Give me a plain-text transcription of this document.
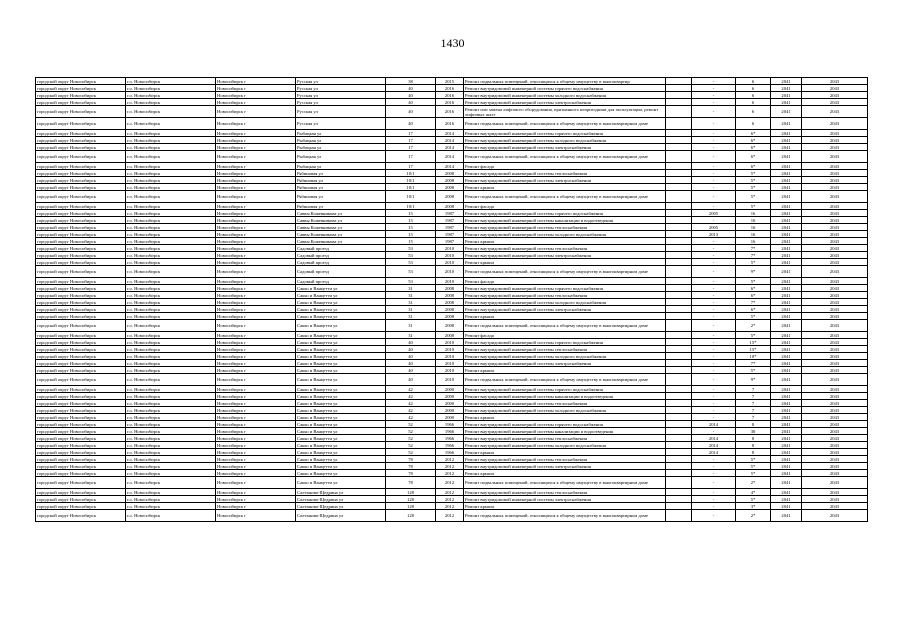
1430
городской округ Новосибирск	г.о. Новосибирск	Новосибирск г	Русская ул	38	2015	Ремонт подвальных помещений, относящихся к общему имуществу в многоквартир		-	6	2041	2043
городской округ Новосибирск	г.о. Новосибирск	Новосибирск г	Русская ул	40	2016	Ремонт внутридомовой инженерной системы горячего водоснабжения		-	6	2041	2043
городской округ Новосибирск	г.о. Новосибирск	Новосибирск г	Русская ул	40	2016	Ремонт внутридомовой инженерной системы холодного водоснабжения		-	6	2041	2043
городской округ Новосибирск	г.о. Новосибирск	Новосибирск г	Русская ул	40	2016	Ремонт внутридомовой инженерной системы электроснабжения		-	6	2041	2043
городской округ Новосибирск	г.о. Новосибирск	Новосибирск г	Русская ул	40	2016	Ремонт или замена лифтового оборудования, признанного непригодным для эксплуатации, ремонт лифтовых шахт		-	6	2041	2043
городской округ Новосибирск	г.о. Новосибирск	Новосибирск г	Русская ул	40	2016	Ремонт подвальных помещений, относящихся к общему имуществу в многоквартирном доме		-	6	2041	2043
городской округ Новосибирск	г.о. Новосибирск	Новосибирск г	Рыбацкая ул	17	2014	Ремонт внутридомовой инженерной системы горячего водоснабжения		-	6*	2041	2043
городской округ Новосибирск	г.о. Новосибирск	Новосибирск г	Рыбацкая ул	17	2014	Ремонт внутридомовой инженерной системы холодного водоснабжения		-	6*	2041	2043
городской округ Новосибирск	г.о. Новосибирск	Новосибирск г	Рыбацкая ул	17	2014	Ремонт внутридомовой инженерной системы электроснабжения		-	6*	2041	2043
городской округ Новосибирск	г.о. Новосибирск	Новосибирск г	Рыбацкая ул	17	2014	Ремонт подвальных помещений, относящихся к общему имуществу в многоквартирном доме		-	6*	2041	2043
городской округ Новосибирск	г.о. Новосибирск	Новосибирск г	Рыбацкая ул	17	2014	Ремонт фасада		-	6*	2041	2043
городской округ Новосибирск	г.о. Новосибирск	Новосибирск г	Рябиновая ул	10/1	2008	Ремонт внутридомовой инженерной системы теплоснабжения		-	5*	2041	2043
городской округ Новосибирск	г.о. Новосибирск	Новосибирск г	Рябиновая ул	10/1	2008	Ремонт внутридомовой инженерной системы электроснабжения		-	5*	2041	2043
городской округ Новосибирск	г.о. Новосибирск	Новосибирск г	Рябиновая ул	10/1	2008	Ремонт крыши		-	5*	2041	2043
городской округ Новосибирск	г.о. Новосибирск	Новосибирск г	Рябиновая ул	10/1	2008	Ремонт подвальных помещений, относящихся к общему имуществу в многоквартирном доме		-	5*	2041	2043
городской округ Новосибирск	г.о. Новосибирск	Новосибирск г	Рябиновая ул	10/1	2008	Ремонт фасада		-	5*	2041	2043
городской округ Новосибирск	г.о. Новосибирск	Новосибирск г	Саввы Кожевникова ул	15	1987	Ремонт внутридомовой инженерной системы горячего водоснабжения		2005	16	2041	2043
городской округ Новосибирск	г.о. Новосибирск	Новосибирск г	Саввы Кожевникова ул	15	1987	Ремонт внутридомовой инженерной системы канализации и водоотведения		-	16	2041	2043
городской округ Новосибирск	г.о. Новосибирск	Новосибирск г	Саввы Кожевникова ул	15	1987	Ремонт внутридомовой инженерной системы теплоснабжения		2005	16	2041	2043
городской округ Новосибирск	г.о. Новосибирск	Новосибирск г	Саввы Кожевникова ул	15	1987	Ремонт внутридомовой инженерной системы холодного водоснабжения		2013	16	2041	2043
городской округ Новосибирск	г.о. Новосибирск	Новосибирск г	Саввы Кожевникова ул	15	1987	Ремонт крыши		-	16	2041	2043
городской округ Новосибирск	г.о. Новосибирск	Новосибирск г	Садовый проезд	53	2010	Ремонт внутридомовой инженерной системы теплоснабжения		-	7*	2041	2043
городской округ Новосибирск	г.о. Новосибирск	Новосибирск г	Садовый проезд	53	2010	Ремонт внутридомовой инженерной системы электроснабжения		-	7*	2041	2043
городской округ Новосибирск	г.о. Новосибирск	Новосибирск г	Садовый проезд	53	2010	Ремонт крыши		-	5*	2041	2043
городской округ Новосибирск	г.о. Новосибирск	Новосибирск г	Садовый проезд	53	2010	Ремонт подвальных помещений, относящихся к общему имуществу в многоквартирном доме		-	9*	2041	2043
городской округ Новосибирск	г.о. Новосибирск	Новосибирск г	Садовый проезд	53	2010	Ремонт фасада		-	5*	2041	2043
городской округ Новосибирск	г.о. Новосибирск	Новосибирск г	Сакко и Ванцетти ул	31	2008	Ремонт внутридомовой инженерной системы горячего водоснабжения		-	6*	2041	2043
городской округ Новосибирск	г.о. Новосибирск	Новосибирск г	Сакко и Ванцетти ул	31	2008	Ремонт внутридомовой инженерной системы теплоснабжения		-	6*	2041	2043
городской округ Новосибирск	г.о. Новосибирск	Новосибирск г	Сакко и Ванцетти ул	31	2008	Ремонт внутридомовой инженерной системы холодного водоснабжения		-	7*	2041	2043
городской округ Новосибирск	г.о. Новосибирск	Новосибирск г	Сакко и Ванцетти ул	31	2008	Ремонт внутридомовой инженерной системы электроснабжения		-	6*	2041	2043
городской округ Новосибирск	г.о. Новосибирск	Новосибирск г	Сакко и Ванцетти ул	31	2008	Ремонт крыши		-	5*	2041	2043
городской округ Новосибирск	г.о. Новосибирск	Новосибирск г	Сакко и Ванцетти ул	31	2008	Ремонт подвальных помещений, относящихся к общему имуществу в многоквартирном доме		-	2*	2041	2043
городской округ Новосибирск	г.о. Новосибирск	Новосибирск г	Сакко и Ванцетти ул	31	2008	Ремонт фасада		-	5*	2041	2043
городской округ Новосибирск	г.о. Новосибирск	Новосибирск г	Сакко и Ванцетти ул	40	2010	Ремонт внутридомовой инженерной системы горячего водоснабжения		-	15*	2041	2043
городской округ Новосибирск	г.о. Новосибирск	Новосибирск г	Сакко и Ванцетти ул	40	2010	Ремонт внутридомовой инженерной системы теплоснабжения		-	15*	2041	2043
городской округ Новосибирск	г.о. Новосибирск	Новосибирск г	Сакко и Ванцетти ул	40	2010	Ремонт внутридомовой инженерной системы холодного водоснабжения		-	10*	2041	2043
городской округ Новосибирск	г.о. Новосибирск	Новосибирск г	Сакко и Ванцетти ул	40	2010	Ремонт внутридомовой инженерной системы электроснабжения		-	7*	2041	2043
городской округ Новосибирск	г.о. Новосибирск	Новосибирск г	Сакко и Ванцетти ул	40	2010	Ремонт крыши		-	5*	2041	2043
городской округ Новосибирск	г.о. Новосибирск	Новосибирск г	Сакко и Ванцетти ул	40	2010	Ремонт подвальных помещений, относящихся к общему имуществу в многоквартирном доме		-	9*	2041	2043
городской округ Новосибирск	г.о. Новосибирск	Новосибирск г	Сакко и Ванцетти ул	42	2000	Ремонт внутридомовой инженерной системы горячего водоснабжения		-	7	2041	2043
городской округ Новосибирск	г.о. Новосибирск	Новосибирск г	Сакко и Ванцетти ул	42	2000	Ремонт внутридомовой инженерной системы канализации и водоотведения		-	7	2041	2043
городской округ Новосибирск	г.о. Новосибирск	Новосибирск г	Сакко и Ванцетти ул	42	2000	Ремонт внутридомовой инженерной системы теплоснабжения		-	7	2041	2043
городской округ Новосибирск	г.о. Новосибирск	Новосибирск г	Сакко и Ванцетти ул	42	2000	Ремонт внутридомовой инженерной системы холодного водоснабжения		-	7	2041	2043
городской округ Новосибирск	г.о. Новосибирск	Новосибирск г	Сакко и Ванцетти ул	42	2000	Ремонт крыши		-	7	2041	2043
городской округ Новосибирск	г.о. Новосибирск	Новосибирск г	Сакко и Ванцетти ул	52	1966	Ремонт внутридомовой инженерной системы горячего водоснабжения		2014	8	2041	2043
городской округ Новосибирск	г.о. Новосибирск	Новосибирск г	Сакко и Ванцетти ул	52	1966	Ремонт внутридомовой инженерной системы канализации и водоотведения		-	30	2041	2043
городской округ Новосибирск	г.о. Новосибирск	Новосибирск г	Сакко и Ванцетти ул	52	1966	Ремонт внутридомовой инженерной системы теплоснабжения		2014	8	2041	2043
городской округ Новосибирск	г.о. Новосибирск	Новосибирск г	Сакко и Ванцетти ул	52	1966	Ремонт внутридомовой инженерной системы холодного водоснабжения		2014	8	2041	2043
городской округ Новосибирск	г.о. Новосибирск	Новосибирск г	Сакко и Ванцетти ул	52	1966	Ремонт крыши		2014	8	2041	2043
городской округ Новосибирск	г.о. Новосибирск	Новосибирск г	Сакко и Ванцетти ул	78	2012	Ремонт внутридомовой инженерной системы теплоснабжения		-	5*	2041	2043
городской округ Новосибирск	г.о. Новосибирск	Новосибирск г	Сакко и Ванцетти ул	78	2012	Ремонт внутридомовой инженерной системы электроснабжения		-	5*	2041	2043
городской округ Новосибирск	г.о. Новосибирск	Новосибирск г	Сакко и Ванцетти ул	78	2012	Ремонт крыши		-	5*	2041	2043
городской округ Новосибирск	г.о. Новосибирск	Новосибирск г	Сакко и Ванцетти ул	78	2012	Ремонт подвальных помещений, относящихся к общему имуществу в многоквартирном доме		-	2*	2041	2043
городской округ Новосибирск	г.о. Новосибирск	Новосибирск г	Салтыкова-Щедрина ул	128	2012	Ремонт внутридомовой инженерной системы теплоснабжения		-	4*	2041	2043
городской округ Новосибирск	г.о. Новосибирск	Новосибирск г	Салтыкова-Щедрина ул	128	2012	Ремонт внутридомовой инженерной системы электроснабжения		-	5*	2041	2043
городской округ Новосибирск	г.о. Новосибирск	Новосибирск г	Салтыкова-Щедрина ул	128	2012	Ремонт крыши		-	3*	2041	2043
городской округ Новосибирск	г.о. Новосибирск	Новосибирск г	Салтыкова-Щедрина ул	128	2012	Ремонт подвальных помещений, относящихся к общему имуществу в многоквартирном доме		-	2*	2041	2043
